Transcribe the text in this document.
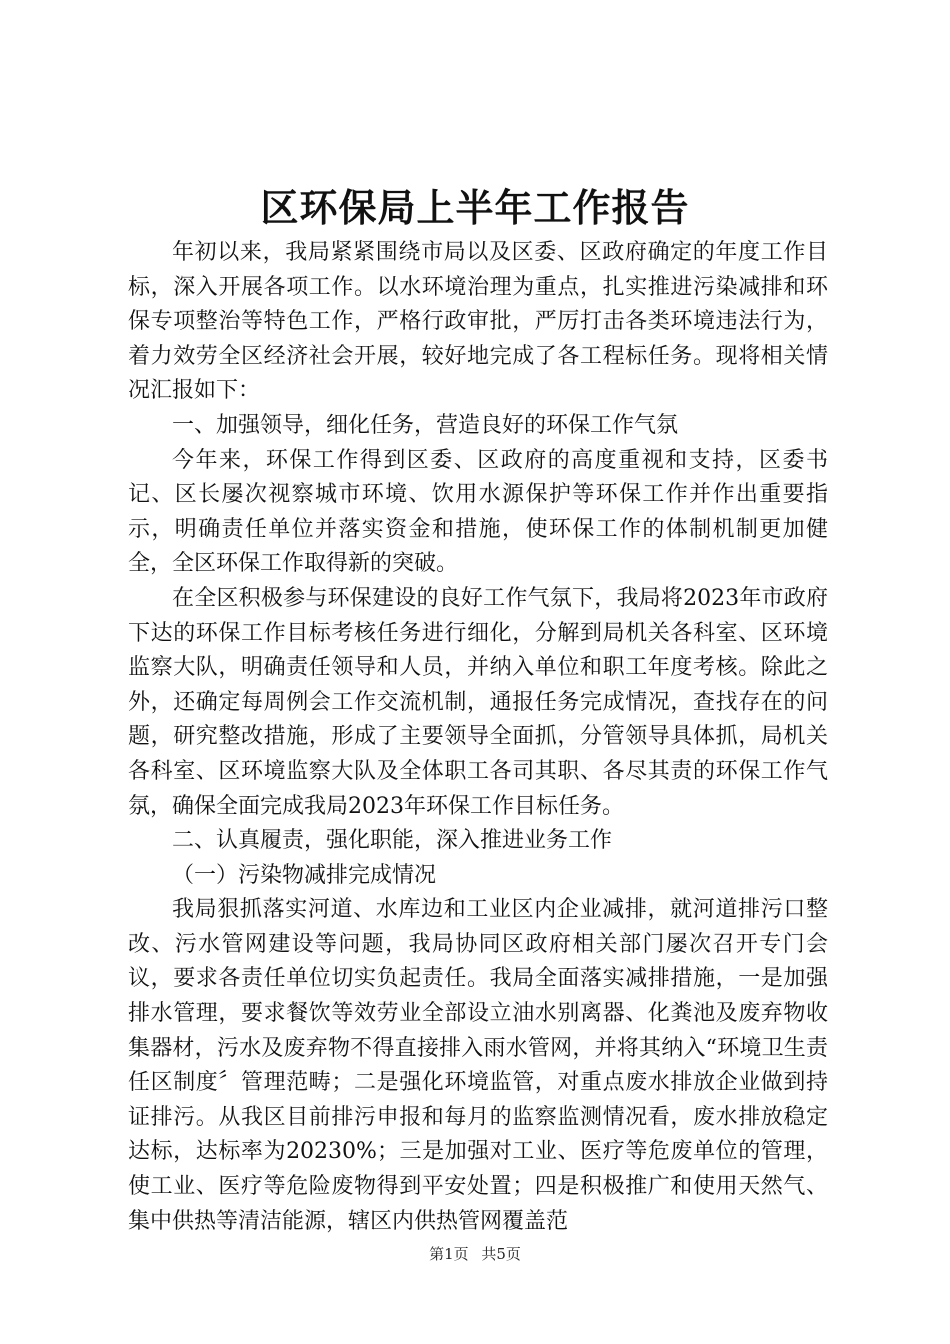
区环保局上半年工作报告

年初以来，我局紧紧围绕市局以及区委、区政府确定的年度工作目标，深入开展各项工作。以水环境治理为重点，扎实推进污染减排和环保专项整治等特色工作，严格行政审批，严厉打击各类环境违法行为，着力效劳全区经济社会开展，较好地完成了各工程标任务。现将相关情况汇报如下：

一、加强领导，细化任务，营造良好的环保工作气氛

今年来，环保工作得到区委、区政府的高度重视和支持，区委书记、区长屡次视察城市环境、饮用水源保护等环保工作并作出重要指示，明确责任单位并落实资金和措施，使环保工作的体制机制更加健全，全区环保工作取得新的突破。

在全区积极参与环保建设的良好工作气氛下，我局将2023年市政府下达的环保工作目标考核任务进行细化，分解到局机关各科室、区环境监察大队，明确责任领导和人员，并纳入单位和职工年度考核。除此之外，还确定每周例会工作交流机制，通报任务完成情况，查找存在的问题，研究整改措施，形成了主要领导全面抓，分管领导具体抓，局机关各科室、区环境监察大队及全体职工各司其职、各尽其责的环保工作气氛，确保全面完成我局2023年环保工作目标任务。

二、认真履责，强化职能，深入推进业务工作

（一）污染物减排完成情况

我局狠抓落实河道、水库边和工业区内企业减排，就河道排污口整改、污水管网建设等问题，我局协同区政府相关部门屡次召开专门会议，要求各责任单位切实负起责任。我局全面落实减排措施，一是加强排水管理，要求餐饮等效劳业全部设立油水别离器、化粪池及废弃物收集器材，污水及废弃物不得直接排入雨水管网，并将其纳入“环境卫生责任区制度〞管理范畴；二是强化环境监管，对重点废水排放企业做到持证排污。从我区目前排污申报和每月的监察监测情况看，废水排放稳定达标，达标率为20230%；三是加强对工业、医疗等危废单位的管理，使工业、医疗等危险废物得到平安处置；四是积极推广和使用天然气、集中供热等清洁能源，辖区内供热管网覆盖范

第1页 共5页
